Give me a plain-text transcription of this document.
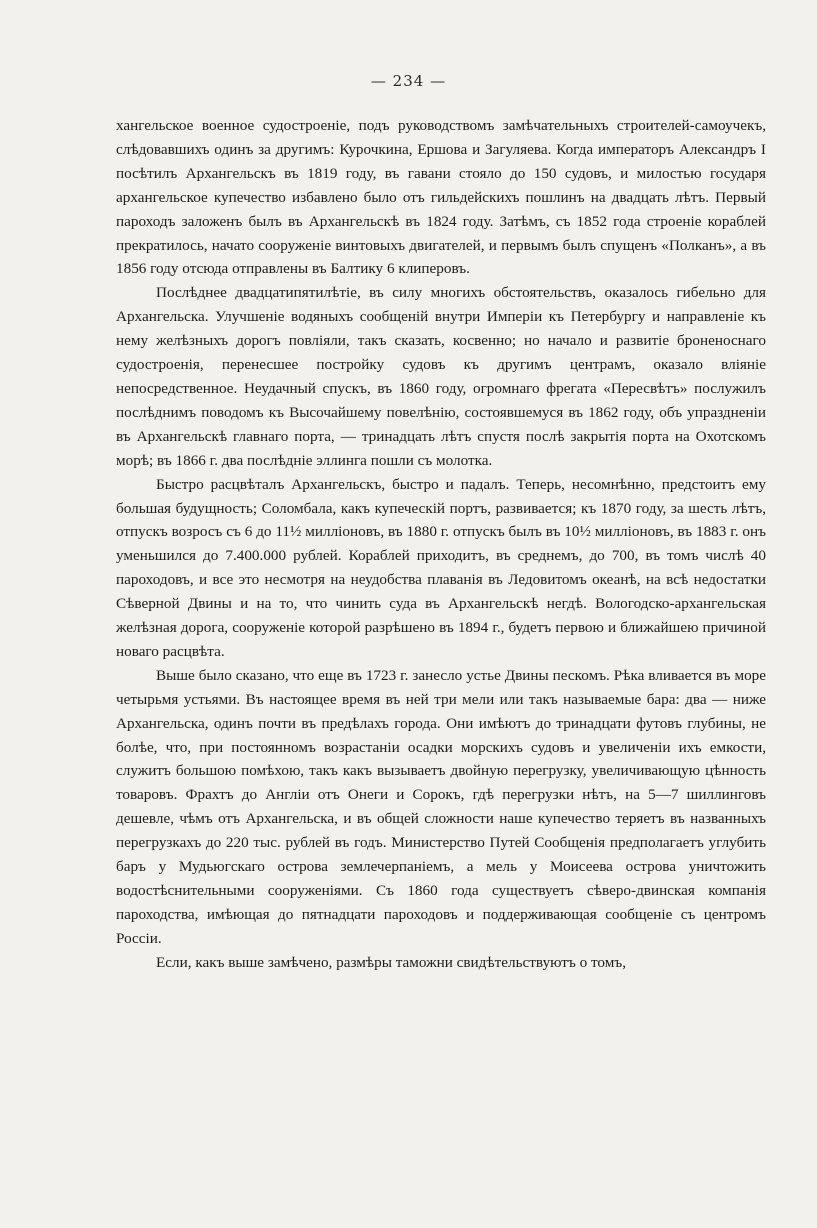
— 234 —

хангельское военное судостроеніе, подъ руководствомъ замѣчательныхъ строителей-самоучекъ, слѣдовавшихъ одинъ за другимъ: Курочкина, Ершова и Загуляева. Когда императоръ Александръ I посѣтилъ Архангельскъ въ 1819 году, въ гавани стояло до 150 судовъ, и милостью государя архангельское купечество избавлено было отъ гильдейскихъ пошлинъ на двадцать лѣтъ. Первый пароходъ заложенъ былъ въ Архангельскѣ въ 1824 году. Затѣмъ, съ 1852 года строеніе кораблей прекратилось, начато сооруженіе винтовыхъ двигателей, и первымъ былъ спущенъ «Полканъ», а въ 1856 году отсюда отправлены въ Балтику 6 клиперовъ.

Послѣднее двадцатипятилѣтіе, въ силу многихъ обстоятельствъ, оказалось гибельно для Архангельска. Улучшеніе водяныхъ сообщеній внутри Имперіи къ Петербургу и направленіе къ нему желѣзныхъ дорогъ повліяли, такъ сказать, косвенно; но начало и развитіе броненоснаго судостроенія, перенесшее постройку судовъ къ другимъ центрамъ, оказало вліяніе непосредственное. Неудачный спускъ, въ 1860 году, огромнаго фрегата «Пересвѣтъ» послужилъ послѣднимъ поводомъ къ Высочайшему повелѣнію, состоявшемуся въ 1862 году, объ упраздненіи въ Архангельскѣ главнаго порта, — тринадцать лѣтъ спустя послѣ закрытія порта на Охотскомъ морѣ; въ 1866 г. два послѣдніе эллинга пошли съ молотка.

Быстро расцвѣталъ Архангельскъ, быстро и падалъ. Теперь, несомнѣнно, предстоитъ ему большая будущность; Соломбала, какъ купеческій портъ, развивается; къ 1870 году, за шесть лѣтъ, отпускъ возросъ съ 6 до 11½ милліоновъ, въ 1880 г. отпускъ былъ въ 10½ милліоновъ, въ 1883 г. онъ уменьшился до 7.400.000 рублей. Кораблей приходитъ, въ среднемъ, до 700, въ томъ числѣ 40 пароходовъ, и все это несмотря на неудобства плаванія въ Ледовитомъ океанѣ, на всѣ недостатки Сѣверной Двины и на то, что чинить суда въ Архангельскѣ негдѣ. Вологодско-архангельская желѣзная дорога, сооруженіе которой разрѣшено въ 1894 г., будетъ первою и ближайшею причиной новаго расцвѣта.

Выше было сказано, что еще въ 1723 г. занесло устье Двины пескомъ. Рѣка вливается въ море четырьмя устьями. Въ настоящее время въ ней три мели или такъ называемые бара: два — ниже Архангельска, одинъ почти въ предѣлахъ города. Они имѣютъ до тринадцати футовъ глубины, не болѣе, что, при постоянномъ возрастаніи осадки морскихъ судовъ и увеличеніи ихъ емкости, служитъ большою помѣхою, такъ какъ вызываетъ двойную перегрузку, увеличивающую цѣнность товаровъ. Фрахтъ до Англіи отъ Онеги и Сорокъ, гдѣ перегрузки нѣтъ, на 5—7 шиллинговъ дешевле, чѣмъ отъ Архангельска, и въ общей сложности наше купечество теряетъ въ названныхъ перегрузкахъ до 220 тыс. рублей въ годъ. Министерство Путей Сообщенія предполагаетъ углубить баръ у Мудьюгскаго острова землечерпаніемъ, а мель у Моисеева острова уничтожить водостѣснительными сооруженіями. Съ 1860 года существуетъ сѣверо-двинская компанія пароходства, имѣющая до пятнадцати пароходовъ и поддерживающая сообщеніе съ центромъ Россіи.

Если, какъ выше замѣчено, размѣры таможни свидѣтельствуютъ о томъ,
